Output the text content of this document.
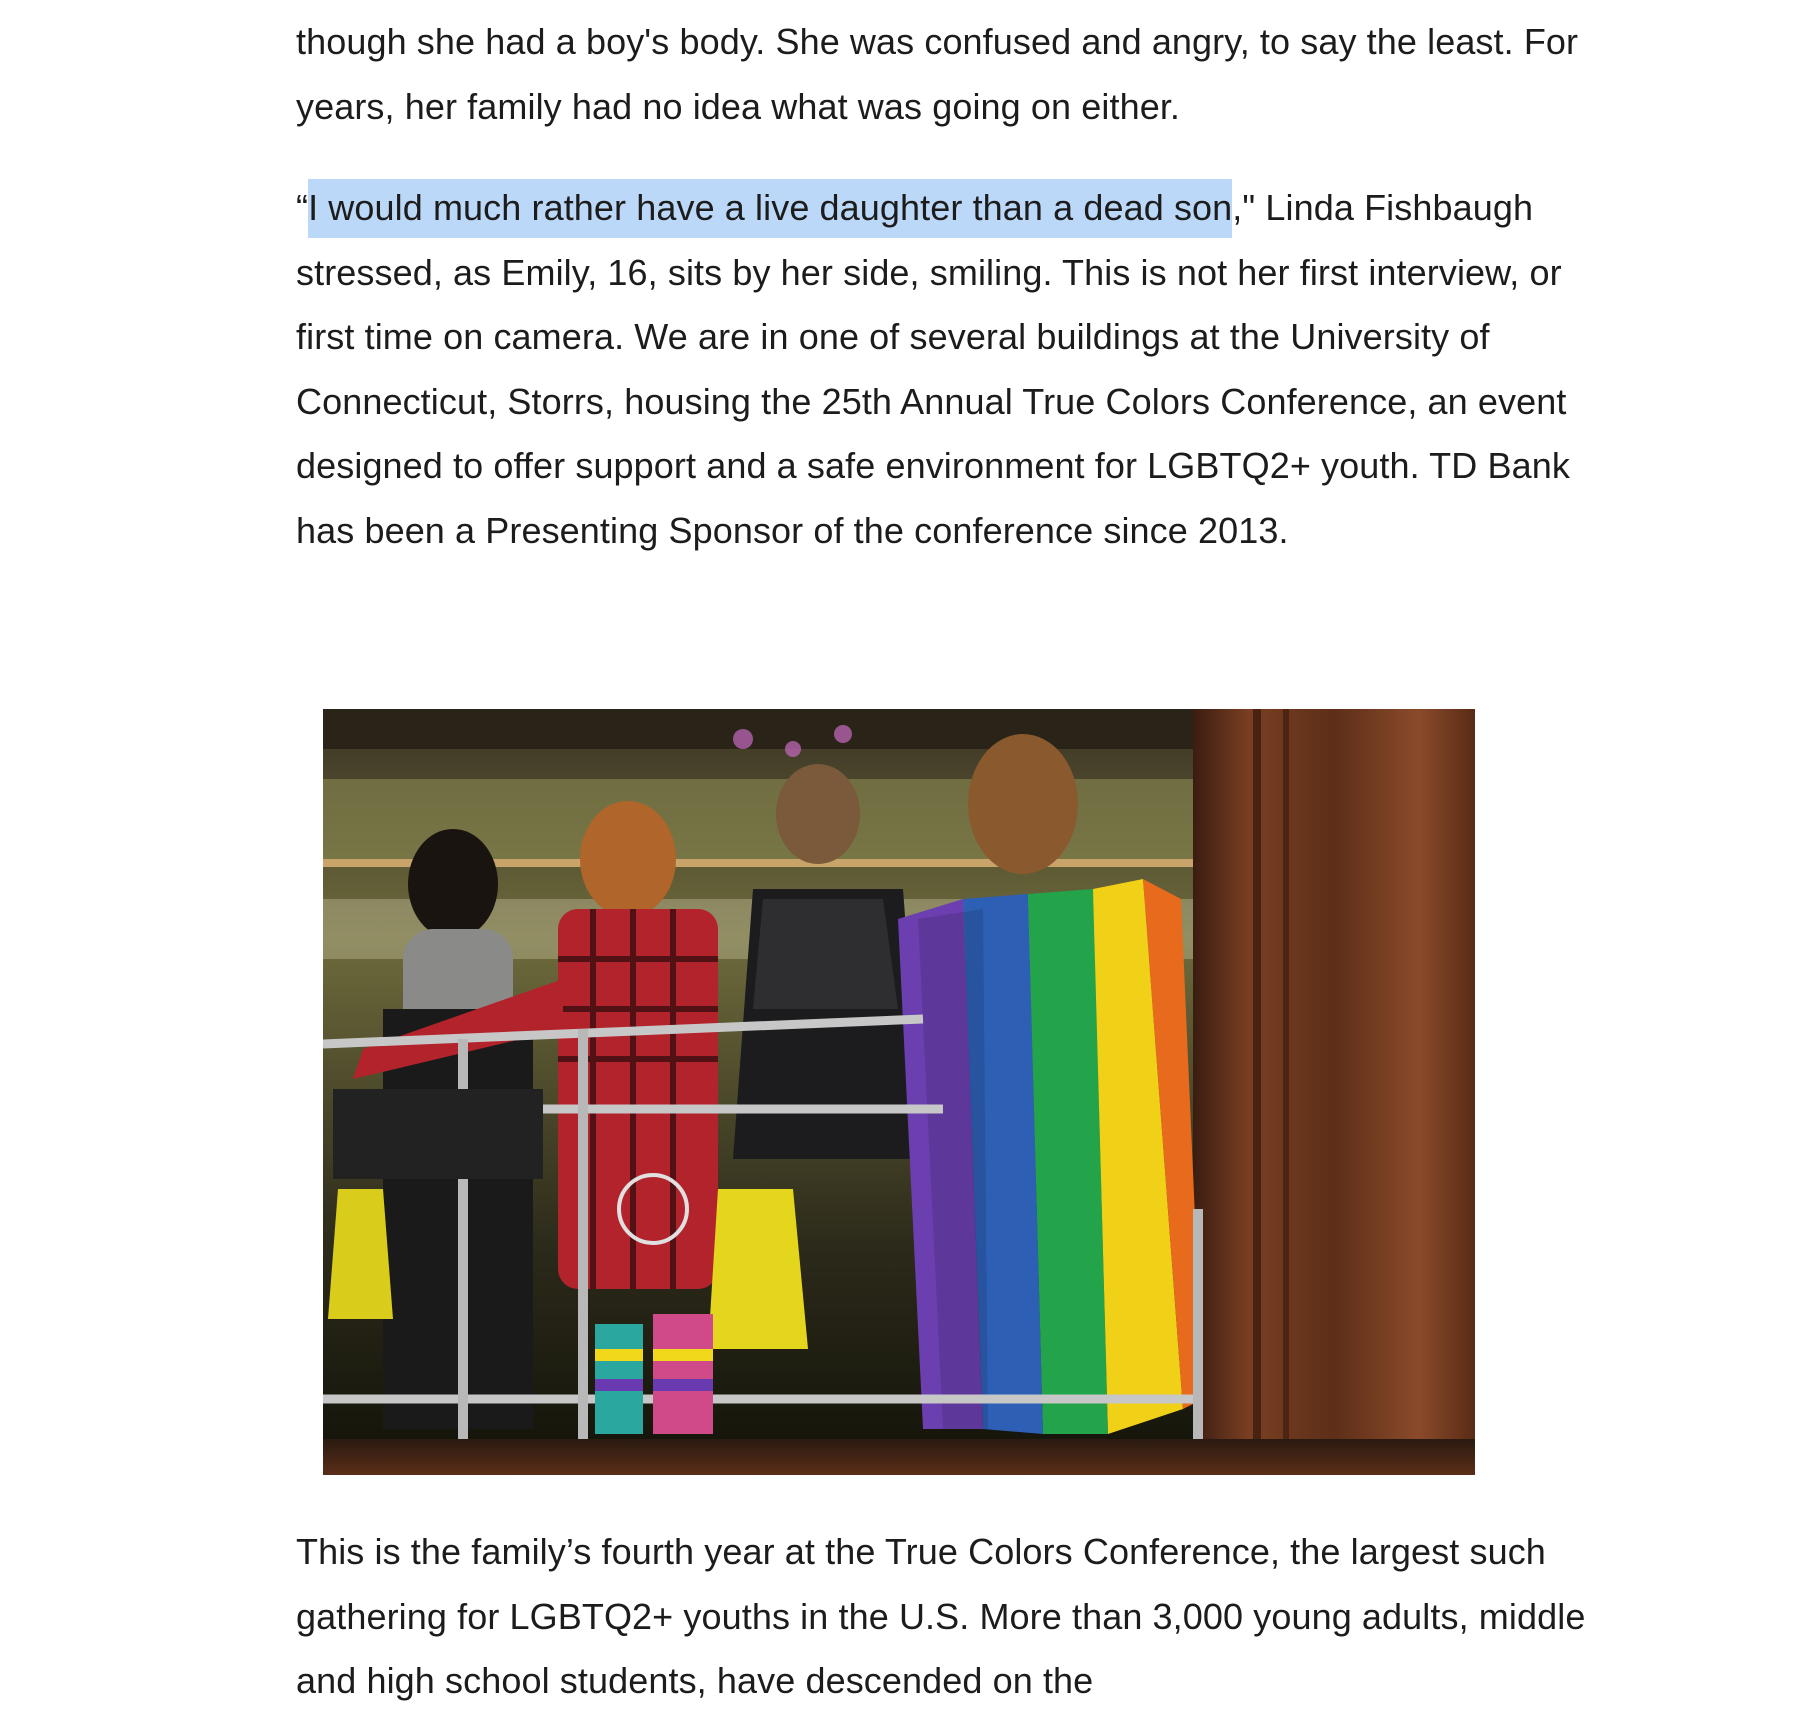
though she had a boy's body. She was confused and angry, to say the least. For years, her family had no idea what was going on either.

“I would much rather have a live daughter than a dead son," Linda Fishbaugh stressed, as Emily, 16, sits by her side, smiling. This is not her first interview, or first time on camera. We are in one of several buildings at the University of Connecticut, Storrs, housing the 25th Annual True Colors Conference, an event designed to offer support and a safe environment for LGBTQ2+ youth. TD Bank has been a Presenting Sponsor of the conference since 2013.

This is the family’s fourth year at the True Colors Conference, the largest such gathering for LGBTQ2+ youths in the U.S. More than 3,000 young adults, middle and high school students, have descended on the
